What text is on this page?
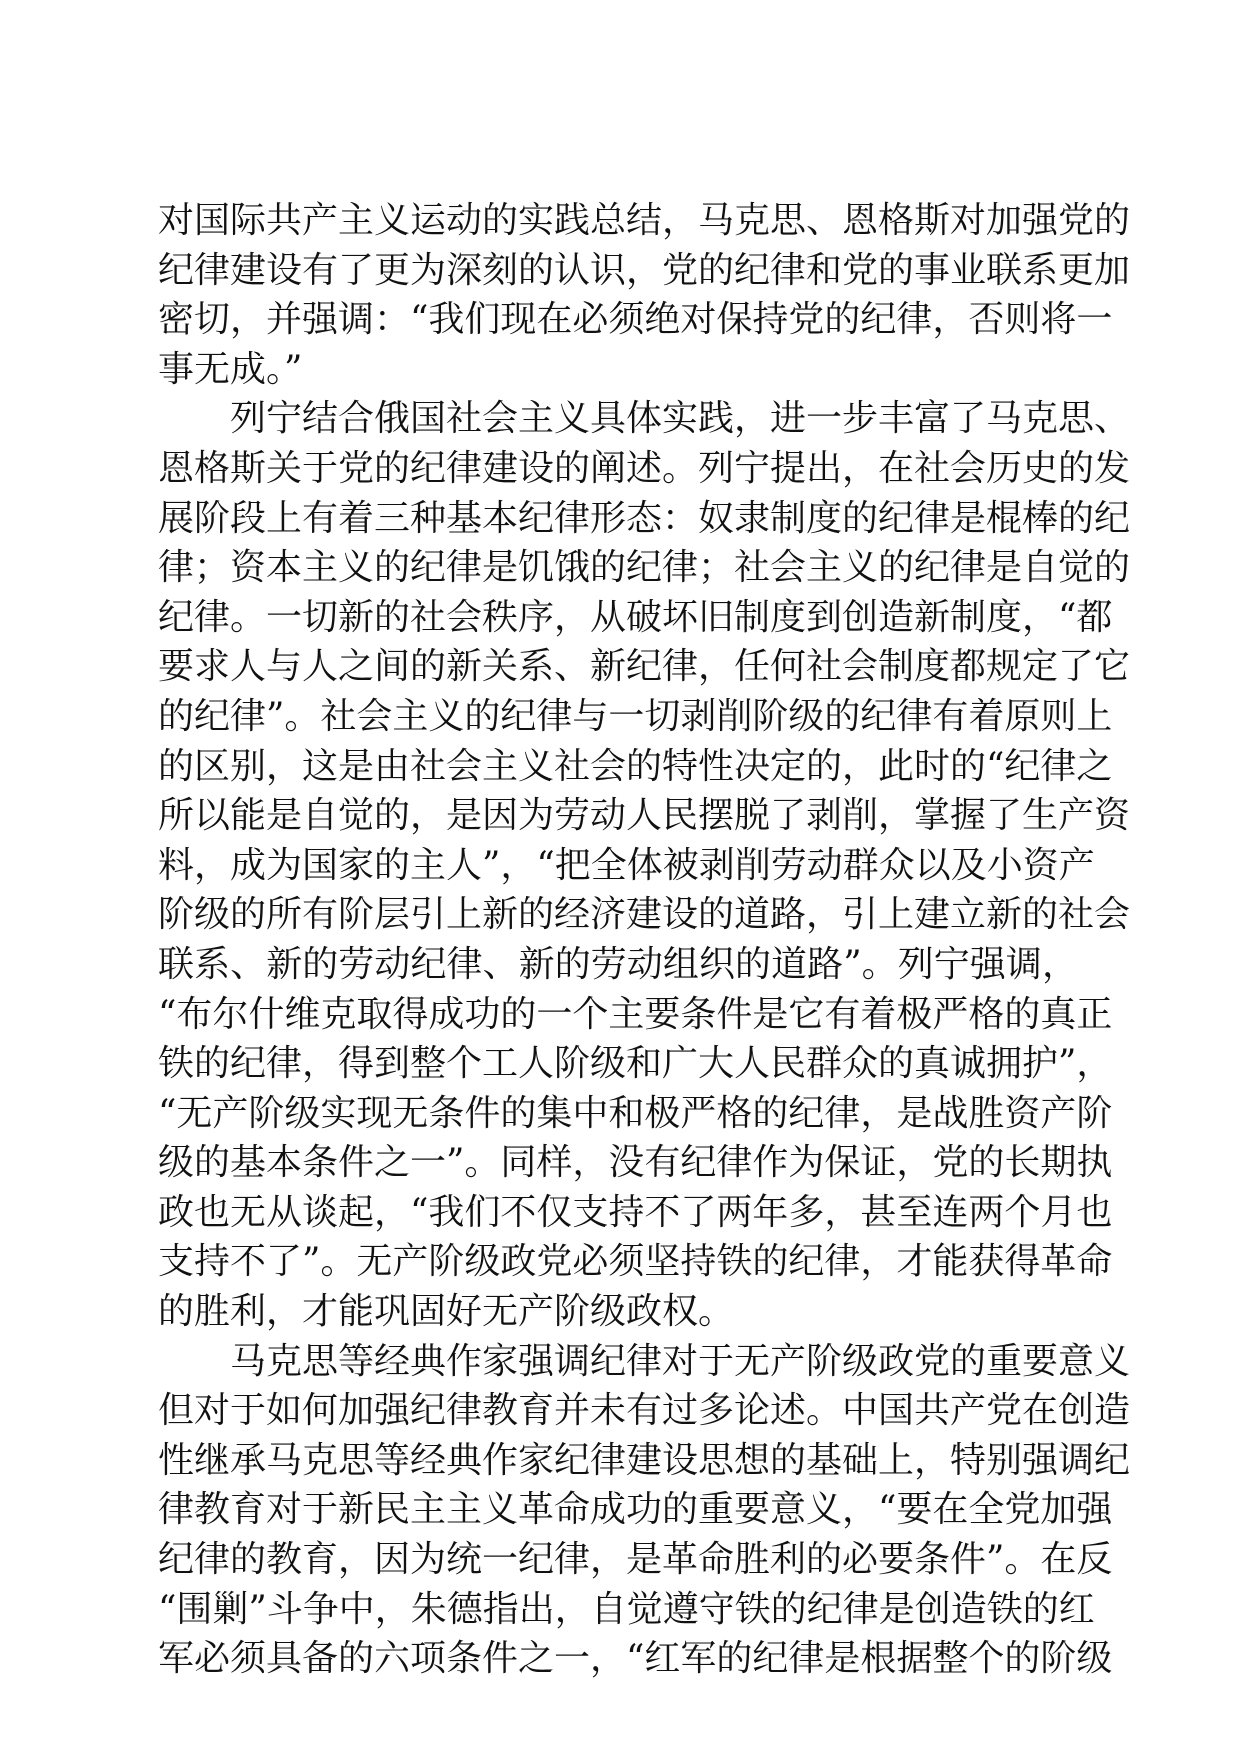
对国际共产主义运动的实践总结，马克思、恩格斯对加强党的
纪律建设有了更为深刻的认识，党的纪律和党的事业联系更加
密切，并强调：“我们现在必须绝对保持党的纪律，否则将一
事无成。”
列宁结合俄国社会主义具体实践，进一步丰富了马克思、
恩格斯关于党的纪律建设的阐述。列宁提出，在社会历史的发
展阶段上有着三种基本纪律形态：奴隶制度的纪律是棍棒的纪
律；资本主义的纪律是饥饿的纪律；社会主义的纪律是自觉的
纪律。一切新的社会秩序，从破坏旧制度到创造新制度，“都
要求人与人之间的新关系、新纪律，任何社会制度都规定了它
的纪律”。社会主义的纪律与一切剥削阶级的纪律有着原则上
的区别，这是由社会主义社会的特性决定的，此时的“纪律之
所以能是自觉的，是因为劳动人民摆脱了剥削，掌握了生产资
料，成为国家的主人”，“把全体被剥削劳动群众以及小资产
阶级的所有阶层引上新的经济建设的道路，引上建立新的社会
联系、新的劳动纪律、新的劳动组织的道路”。列宁强调，
“布尔什维克取得成功的一个主要条件是它有着极严格的真正
铁的纪律，得到整个工人阶级和广大人民群众的真诚拥护”，
“无产阶级实现无条件的集中和极严格的纪律，是战胜资产阶
级的基本条件之一”。同样，没有纪律作为保证，党的长期执
政也无从谈起，“我们不仅支持不了两年多，甚至连两个月也
支持不了”。无产阶级政党必须坚持铁的纪律，才能获得革命
的胜利，才能巩固好无产阶级政权。
马克思等经典作家强调纪律对于无产阶级政党的重要意义
但对于如何加强纪律教育并未有过多论述。中国共产党在创造
性继承马克思等经典作家纪律建设思想的基础上，特别强调纪
律教育对于新民主主义革命成功的重要意义，“要在全党加强
纪律的教育，因为统一纪律，是革命胜利的必要条件”。在反
“围剿”斗争中，朱德指出，自觉遵守铁的纪律是创造铁的红
军必须具备的六项条件之一，“红军的纪律是根据整个的阶级
